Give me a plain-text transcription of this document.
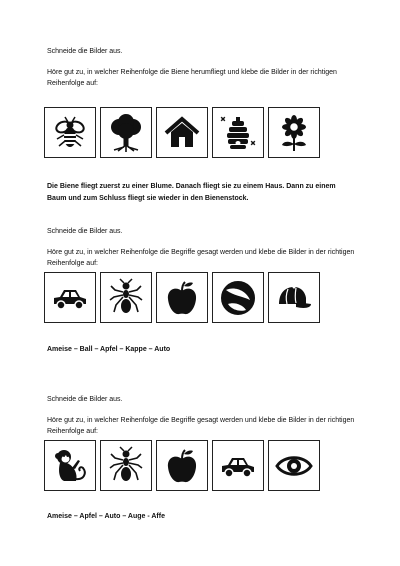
Schneide die Bilder aus.

Höre gut zu, in welcher Reihenfolge die Biene herumfliegt und klebe die Bilder in der richtigen Reihenfolge auf:

Die Biene fliegt zuerst zu einer Blume. Danach fliegt sie zu einem Haus. Dann zu einem Baum und zum Schluss fliegt sie wieder in den Bienenstock.

Schneide die Bilder aus.

Höre gut zu, in welcher Reihenfolge die Begriffe gesagt werden und klebe die Bilder in der richtigen Reihenfolge auf:

Ameise – Ball – Apfel – Kappe – Auto

Schneide die Bilder aus.

Höre gut zu, in welcher Reihenfolge die Begriffe gesagt werden und klebe die Bilder in der richtigen Reihenfolge auf:

Ameise – Apfel – Auto – Auge - Affe
